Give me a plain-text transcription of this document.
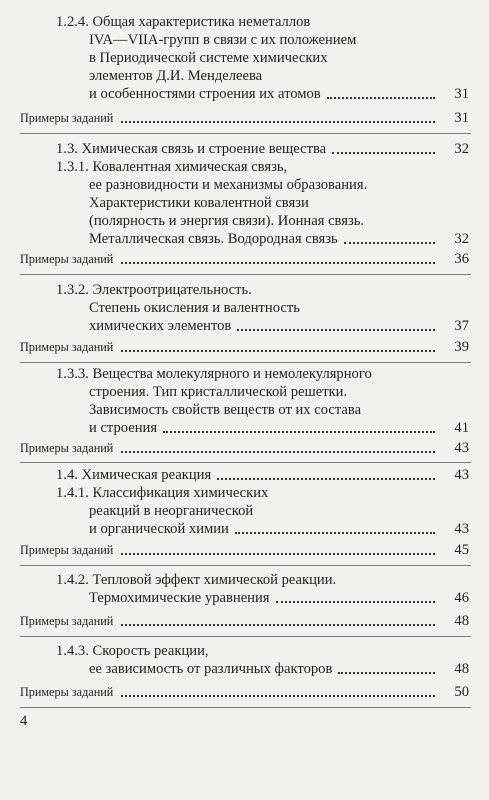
1.2.4. Общая характеристика неметаллов
IVA—VIIA-групп в связи с их положением
в Периодической системе химических
элементов Д.И. Менделеева
и особенностями строения их атомов	31
Примеры заданий	31
1.3. Химическая связь и строение вещества	32
1.3.1. Ковалентная химическая связь,
ее разновидности и механизмы образования.
Характеристики ковалентной связи
(полярность и энергия связи). Ионная связь.
Металлическая связь. Водородная связь	32
Примеры заданий	36
1.3.2. Электроотрицательность.
Степень окисления и валентность
химических элементов	37
Примеры заданий	39
1.3.3. Вещества молекулярного и немолекулярного
строения. Тип кристаллической решетки.
Зависимость свойств веществ от их состава
и строения	41
Примеры заданий	43
1.4. Химическая реакция	43
1.4.1. Классификация химических
реакций в неорганической
и органической химии	43
Примеры заданий	45
1.4.2. Тепловой эффект химической реакции.
Термохимические уравнения	46
Примеры заданий	48
1.4.3. Скорость реакции,
ее зависимость от различных факторов	48
Примеры заданий	50
4
